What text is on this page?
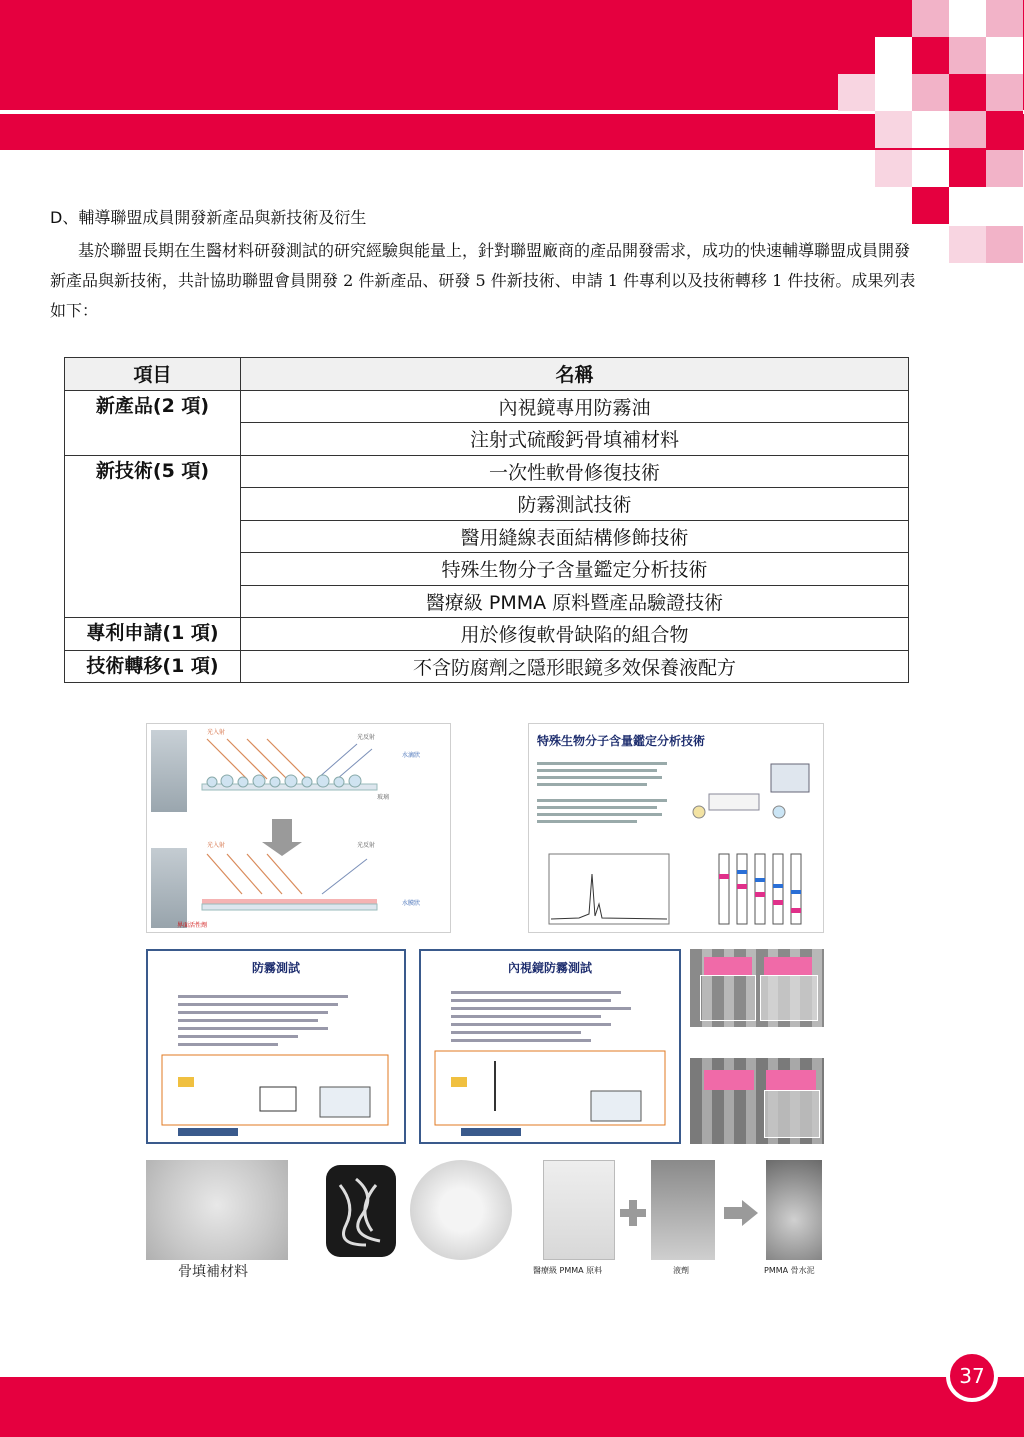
D、輔導聯盟成員開發新產品與新技術及衍生

基於聯盟長期在生醫材料研發測試的研究經驗與能量上，針對聯盟廠商的產品開發需求，成功的快速輔導聯盟成員開發新產品與新技術，共計協助聯盟會員開發 2 件新產品、研發 5 件新技術、申請 1 件專利以及技術轉移 1 件技術。成果列表如下：

項目	名稱
新產品(2 項)	內視鏡專用防霧油
	注射式硫酸鈣骨填補材料
新技術(5 項)	一次性軟骨修復技術
	防霧測試技術
	醫用縫線表面結構修飾技術
	特殊生物分子含量鑑定分析技術
	醫療級 PMMA 原料暨產品驗證技術
專利申請(1 項)	用於修復軟骨缺陷的組合物
技術轉移(1 項)	不含防腐劑之隱形眼鏡多效保養液配方
光入射
光反射
水滴狀
光入射	光反射
水膜狀
玻璃
界面活性劑
特殊生物分子含量鑑定分析技術
防霧測試	內視鏡防霧測試
骨填補材料	醫療級 PMMA 原料	液劑	PMMA 骨水泥
37
